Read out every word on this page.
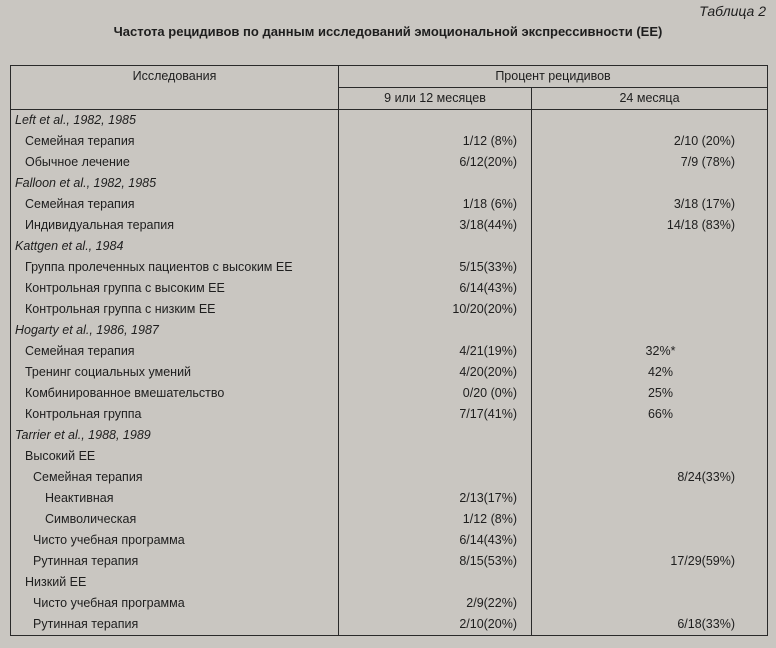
Таблица 2
Частота рецидивов по данным исследований эмоциональной экспрессивности (ЕЕ)
Исследования	Процент рецидивов	
	9 или 12 месяцев	24 месяца
Left et al., 1982, 1985		
Семейная терапия	1/12 (8%)	2/10 (20%)
Обычное лечение	6/12(20%)	7/9 (78%)
Falloon et al., 1982, 1985		
Семейная терапия	1/18 (6%)	3/18 (17%)
Индивидуальная терапия	3/18(44%)	14/18 (83%)
Kattgen et al., 1984		
Группа пролеченных пациентов с высоким ЕЕ	5/15(33%)	
Контрольная группа с высоким ЕЕ	6/14(43%)	
Контрольная группа с низким ЕЕ	10/20(20%)	
Hogarty et al., 1986, 1987		
Семейная терапия	4/21(19%)	32%*
Тренинг социальных умений	4/20(20%)	42%
Комбинированное вмешательство	0/20 (0%)	25%
Контрольная группа	7/17(41%)	66%
Tarrier et al., 1988, 1989		
Высокий ЕЕ		
Семейная терапия		8/24(33%)
Неактивная	2/13(17%)	
Символическая	1/12 (8%)	
Чисто учебная программа	6/14(43%)	
Рутинная терапия	8/15(53%)	17/29(59%)
Низкий ЕЕ		
Чисто учебная программа	2/9(22%)	
Рутинная терапия	2/10(20%)	6/18(33%)
